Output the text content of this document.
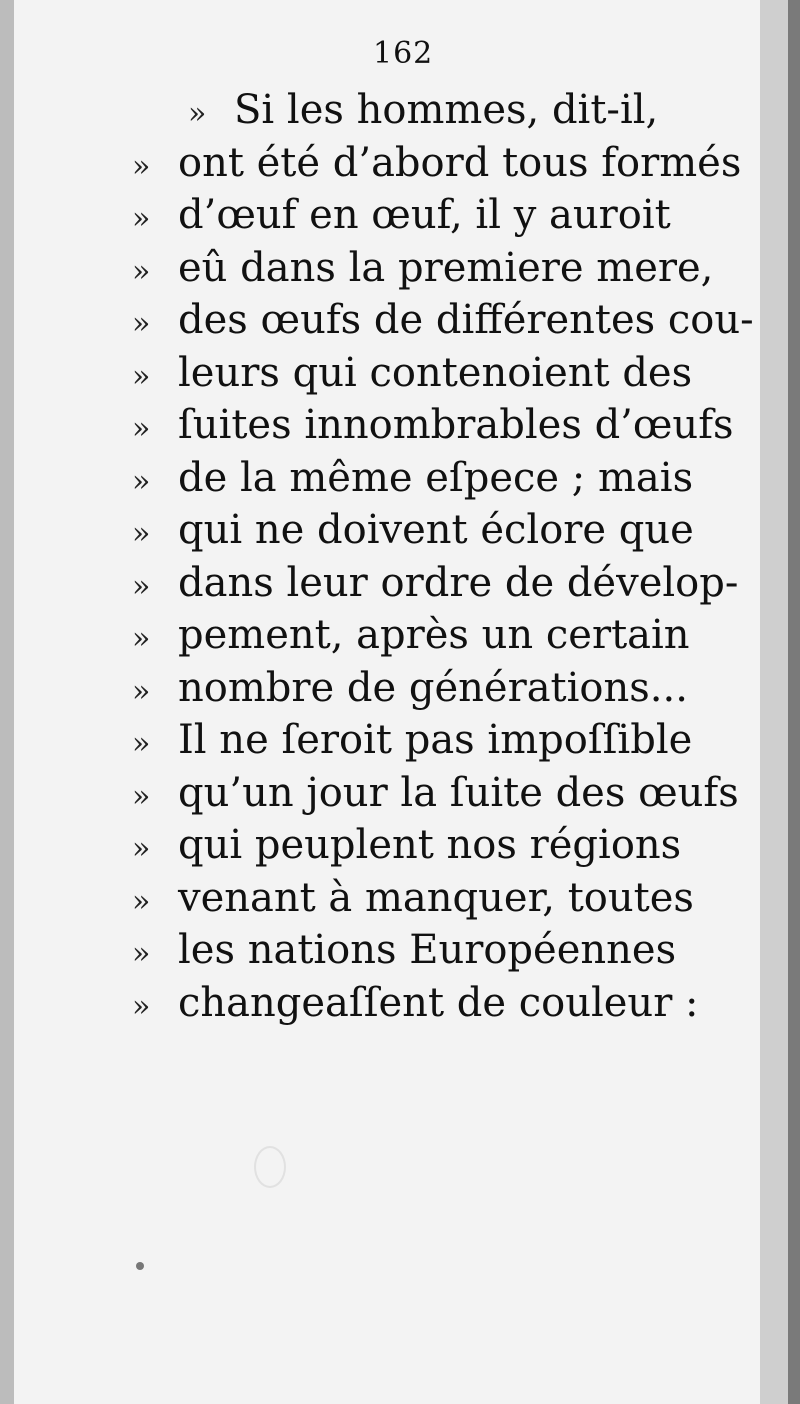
162
» Si les hommes, dit-il,
» ont été d’abord tous formés
» d’œuf en œuf, il y auroit
» eû dans la premiere mere,
» des œufs de différentes cou-
» leurs qui contenoient des
» ſuites innombrables d’œufs
» de la même eſpece ; mais
» qui ne doivent éclore que
» dans leur ordre de dévelop-
» pement, après un certain
» nombre de générations...
» Il ne ſeroit pas impoſſible
» qu’un jour la ſuite des œufs
» qui peuplent nos régions
» venant à manquer, toutes
» les nations Européennes
» changeaſſent de couleur :
